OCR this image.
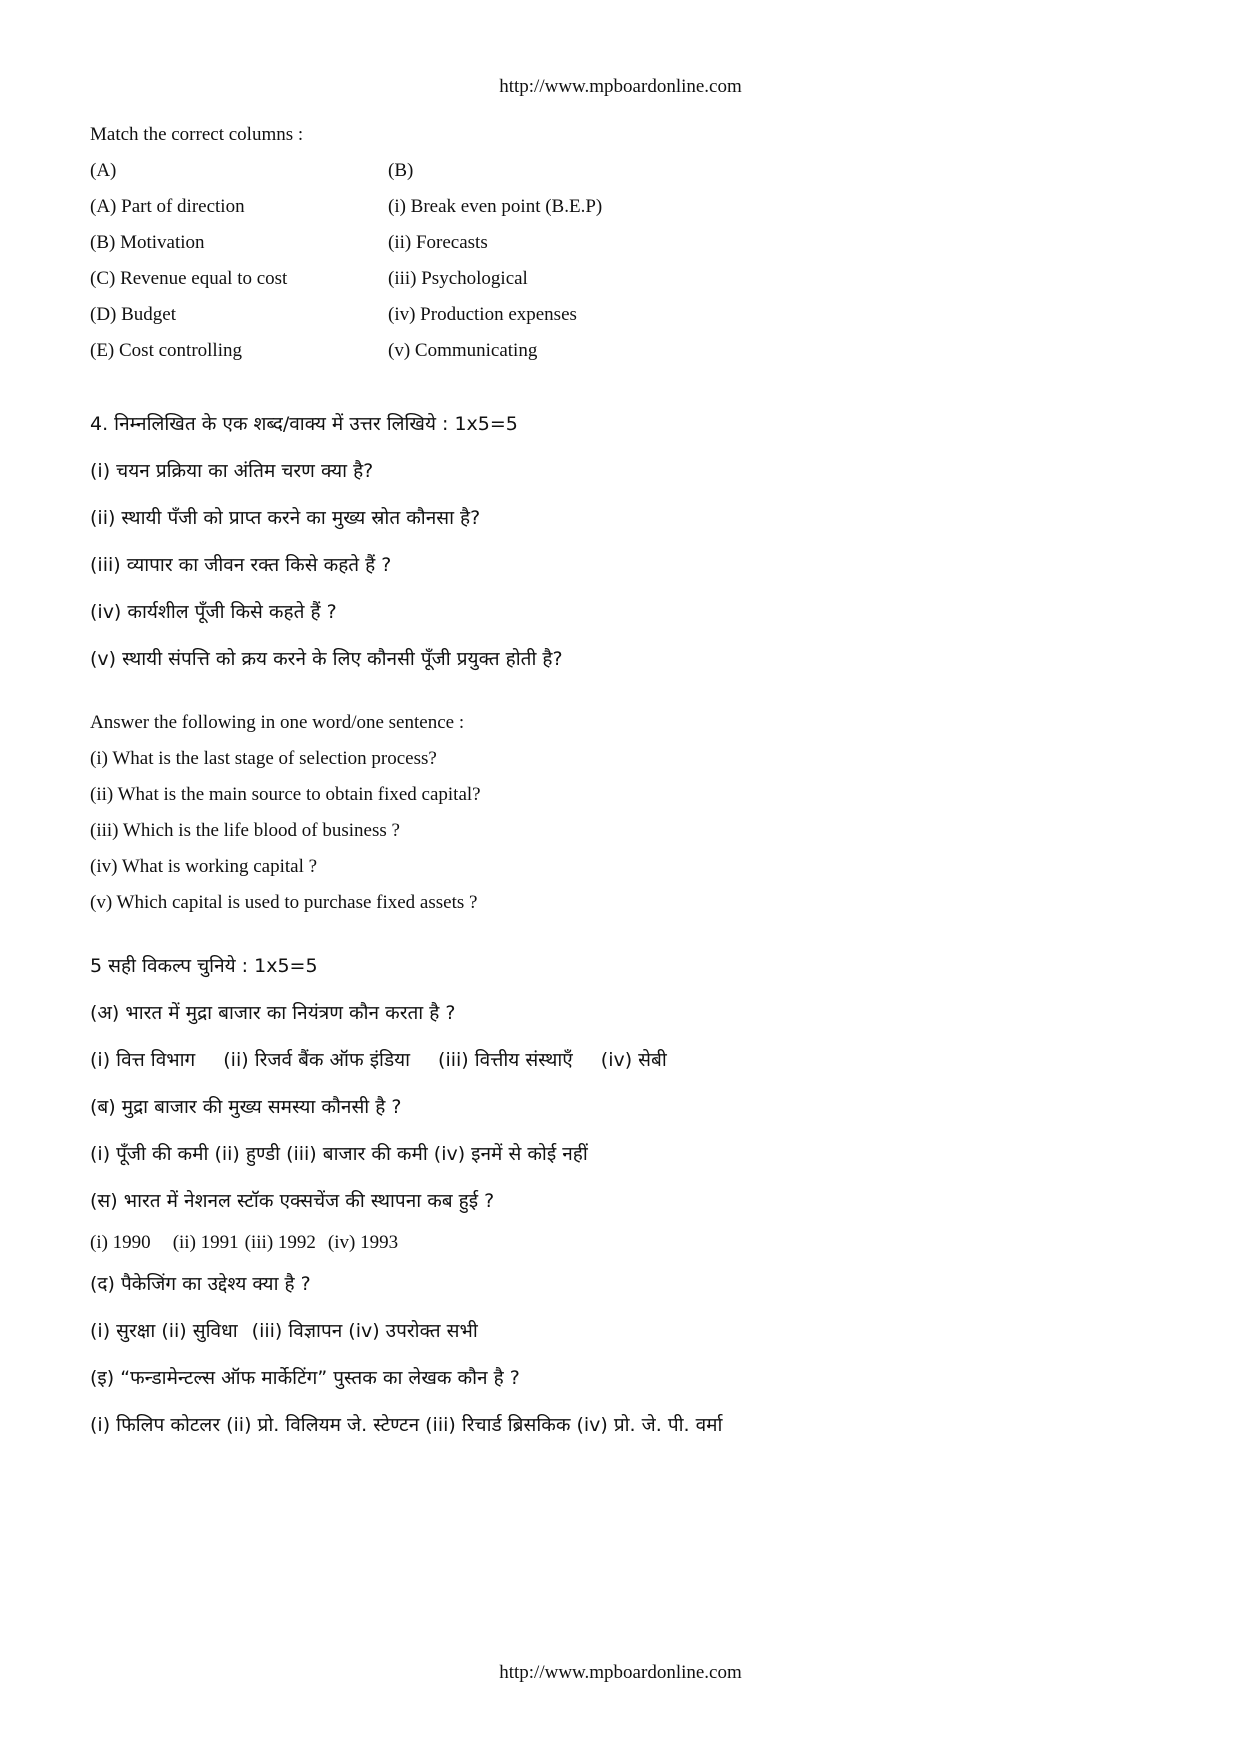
http://www.mpboardonline.com
Match the correct columns :
(A)	(B)
(A) Part of direction	(i) Break even point (B.E.P)
(B) Motivation	(ii) Forecasts
(C) Revenue equal to cost	(iii) Psychological
(D) Budget	(iv) Production expenses
(E) Cost controlling	(v) Communicating
4. निम्नलिखित के एक शब्द/वाक्य में उत्तर लिखिये : 1x5=5
(i) चयन प्रक्रिया का अंतिम चरण क्या है?
(ii) स्थायी पँजी को प्राप्त करने का मुख्य स्रोत कौनसा है?
(iii) व्यापार का जीवन रक्त किसे कहते हैं ?
(iv) कार्यशील पूँजी किसे कहते हैं ?
(v) स्थायी संपत्ति को क्रय करने के लिए कौनसी पूँजी प्रयुक्त होती है?
Answer the following in one word/one sentence :
(i) What is the last stage of selection process?
(ii) What is the main source to obtain fixed capital?
(iii) Which is the life blood of business ?
(iv) What is working capital ?
(v) Which capital is used to purchase fixed assets ?
5 सही विकल्प चुनिये : 1x5=5
(अ) भारत में मुद्रा बाजार का नियंत्रण कौन करता है ?
(i) वित्त विभाग (ii) रिजर्व बैंक ऑफ इंडिया (iii) वित्तीय संस्थाएँ (iv) सेबी
(ब) मुद्रा बाजार की मुख्य समस्या कौनसी है ?
(i) पूँजी की कमी (ii) हुण्डी (iii) बाजार की कमी (iv) इनमें से कोई नहीं
(स) भारत में नेशनल स्टॉक एक्सचेंज की स्थापना कब हुई ?
(i) 1990 (ii) 1991 (iii) 1992 (iv) 1993
(द) पैकेजिंग का उद्देश्य क्या है ?
(i) सुरक्षा (ii) सुविधा (iii) विज्ञापन (iv) उपरोक्त सभी
(इ) “फन्डामेन्टल्स ऑफ मार्केटिंग” पुस्तक का लेखक कौन है ?
(i) फिलिप कोटलर (ii) प्रो. विलियम जे. स्टेण्टन (iii) रिचार्ड ब्रिसकिक (iv) प्रो. जे. पी. वर्मा
http://www.mpboardonline.com
